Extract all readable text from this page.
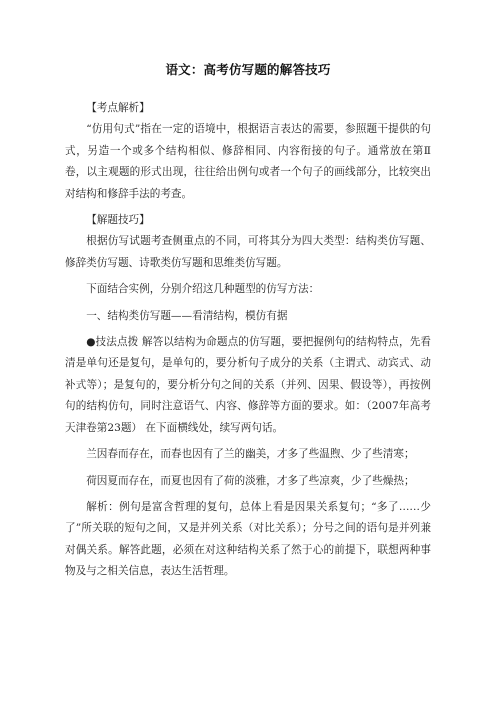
语文：高考仿写题的解答技巧

【考点解析】

“仿用句式”指在一定的语境中，根据语言表达的需要，参照题干提供的句式，另造一个或多个结构相似、修辞相同、内容衔接的句子。通常放在第Ⅱ卷，以主观题的形式出现，往往给出例句或者一个句子的画线部分，比较突出对结构和修辞手法的考查。

【解题技巧】

根据仿写试题考查侧重点的不同，可将其分为四大类型：结构类仿写题、修辞类仿写题、诗歌类仿写题和思维类仿写题。

下面结合实例，分别介绍这几种题型的仿写方法：

一、结构类仿写题——看清结构，模仿有据

●技法点拨 解答以结构为命题点的仿写题，要把握例句的结构特点，先看清是单句还是复句，是单句的，要分析句子成分的关系（主谓式、动宾式、动补式等）；是复句的，要分析分句之间的关系（并列、因果、假设等），再按例句的结构仿句，同时注意语气、内容、修辞等方面的要求。如：（2007年高考天津卷第23题） 在下面横线处，续写两句话。

兰因春而存在，而春也因有了兰的幽美，才多了些温煦、少了些清寒；

荷因夏而存在，而夏也因有了荷的淡雅，才多了些凉爽，少了些燥热；

解析：例句是富含哲理的复句，总体上看是因果关系复句；“多了……少了”所关联的短句之间，又是并列关系（对比关系）；分号之间的语句是并列兼对偶关系。解答此题，必须在对这种结构关系了然于心的前提下，联想两种事物及与之相关信息，表达生活哲理。
